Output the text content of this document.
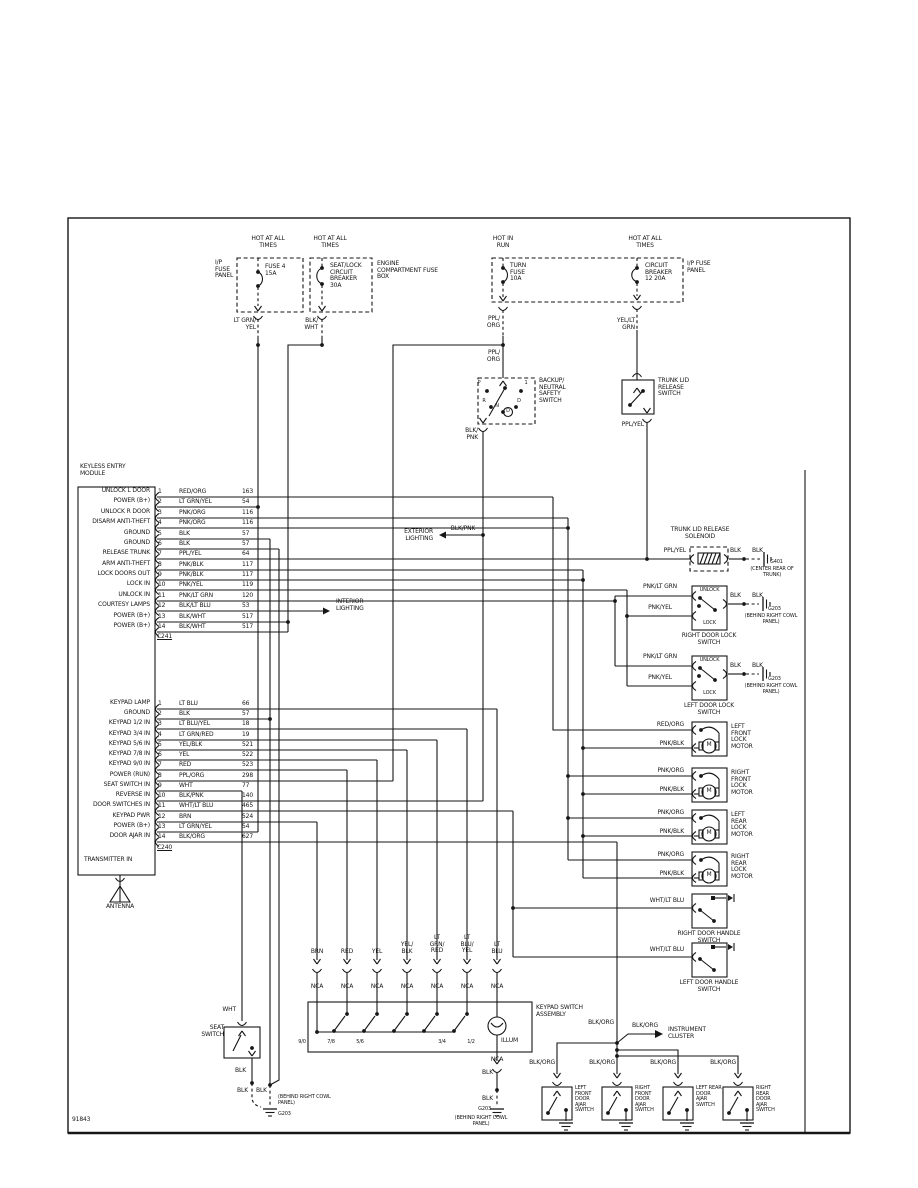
HOT AT ALL TIMES
HOT AT ALL TIMES
HOT IN RUN
HOT AT ALL TIMES
I/​P FUSE PANEL
FUSE 4 15A
SEAT/​LOCK CIRCUIT BREAKER 30A
ENGINE COMPARTMENT FUSE BOX
TURN FUSE 10A
CIRCUIT BREAKER 12 20A
I/​P FUSE PANEL
LT GRN/​YEL
BLK/​WHT
PPL/​ORG
PPL/​ORG
YEL/​LT GRN
BACKUP/​NEUTRAL SAFETY SWITCH
BLK/​PNK
P	1
R
N
D
D
TRUNK LID RELEASE SWITCH
PPL/​YEL
EXTERIOR LIGHTING
BLK/​PNK
INTERIOR LIGHTING
KEYLESS ENTRY MODULE
TRANSMITTER IN
ANTENNA
C241
C240
TRUNK LID RELEASE SOLENOID
PPL/​YEL	BLK	BLK
G401
(CENTER REAR OF TRUNK)
PNK/​LT GRN
PNK/​YEL
UNLOCK
LOCK
BLK	BLK
G203
(BEHIND RIGHT COWL PANEL)
RIGHT DOOR LOCK SWITCH
PNK/​LT GRN
PNK/​YEL
UNLOCK
LOCK
BLK	BLK
G203
(BEHIND RIGHT COWL PANEL)
LEFT DOOR LOCK SWITCH
KEYPAD SWITCH ASSEMBLY
ILLUM
NCA
BLK
BLK
G203
(BEHIND RIGHT COWL PANEL)
WHT
SEAT SWITCH
BLK
BLK BLK
(BEHIND RIGHT COWL PANEL)
G203
BLK/​ORG	BLK/​ORG
INSTRUMENT CLUSTER
91843
UNLOCK L DOOR 1	RED/​ORG	163
POWER (B+) 2	LT GRN/​YEL	54
UNLOCK R DOOR 3	PNK/​ORG	116
DISARM ANTI-THEFT 4	PNK/​ORG	116
GROUND 5	BLK	57
GROUND 6	BLK	57
RELEASE TRUNK 7	PPL/​YEL	64
ARM ANTI-THEFT 8	PNK/​BLK	117
LOCK DOORS OUT 9	PNK/​BLK	117
LOCK IN 10	PNK/​YEL	119
UNLOCK IN 11	PNK/​LT GRN	120
COURTESY LAMPS 12	BLK/​LT BLU	53
POWER (B+) 13	BLK/​WHT	517
POWER (B+) 14	BLK/​WHT	517
KEYPAD LAMP 1	LT BLU	66
GROUND 2	BLK	57
KEYPAD 1/​2 IN 3	LT BLU/​YEL	18
KEYPAD 3/​4 IN 4	LT GRN/​RED	19
KEYPAD 5/​6 IN 5	YEL/​BLK	521
KEYPAD 7/​8 IN 6	YEL	522
KEYPAD 9/​0 IN 7	RED	523
POWER (RUN) 8	PPL/​ORG	298
SEAT SWITCH IN 9	WHT	77
REVERSE IN 10	BLK/​PNK	140
DOOR SWITCHES IN 11	WHT/​LT BLU	465
KEYPAD PWR 12	BRN	524
POWER (B+) 13	LT GRN/​YEL	54
DOOR AJAR IN 14	BLK/​ORG	627
RED/​ORG
PNK/​BLK
LEFT FRONT LOCK MOTOR
M
PNK/​ORG
PNK/​BLK
RIGHT FRONT LOCK MOTOR
M
PNK/​ORG
PNK/​BLK
LEFT REAR LOCK MOTOR
M
PNK/​ORG
PNK/​BLK
RIGHT REAR LOCK MOTOR
M
WHT/​LT BLU
RIGHT DOOR HANDLE SWITCH
WHT/​LT BLU
LEFT DOOR HANDLE SWITCH
BRN
NCA
RED
NCA
YEL
NCA
YEL/​BLK
NCA
LT GRN/​RED
NCA
LT BLU/​YEL
NCA
LT BLU
NCA
9/​0	7/​8	5/​6	3/​4	1/​2
BLK/​ORG
LEFT FRONT DOOR AJAR SWITCH
BLK/​ORG
RIGHT FRONT DOOR AJAR SWITCH
BLK/​ORG
LEFT REAR DOOR AJAR SWITCH
BLK/​ORG
RIGHT REAR DOOR AJAR SWITCH
